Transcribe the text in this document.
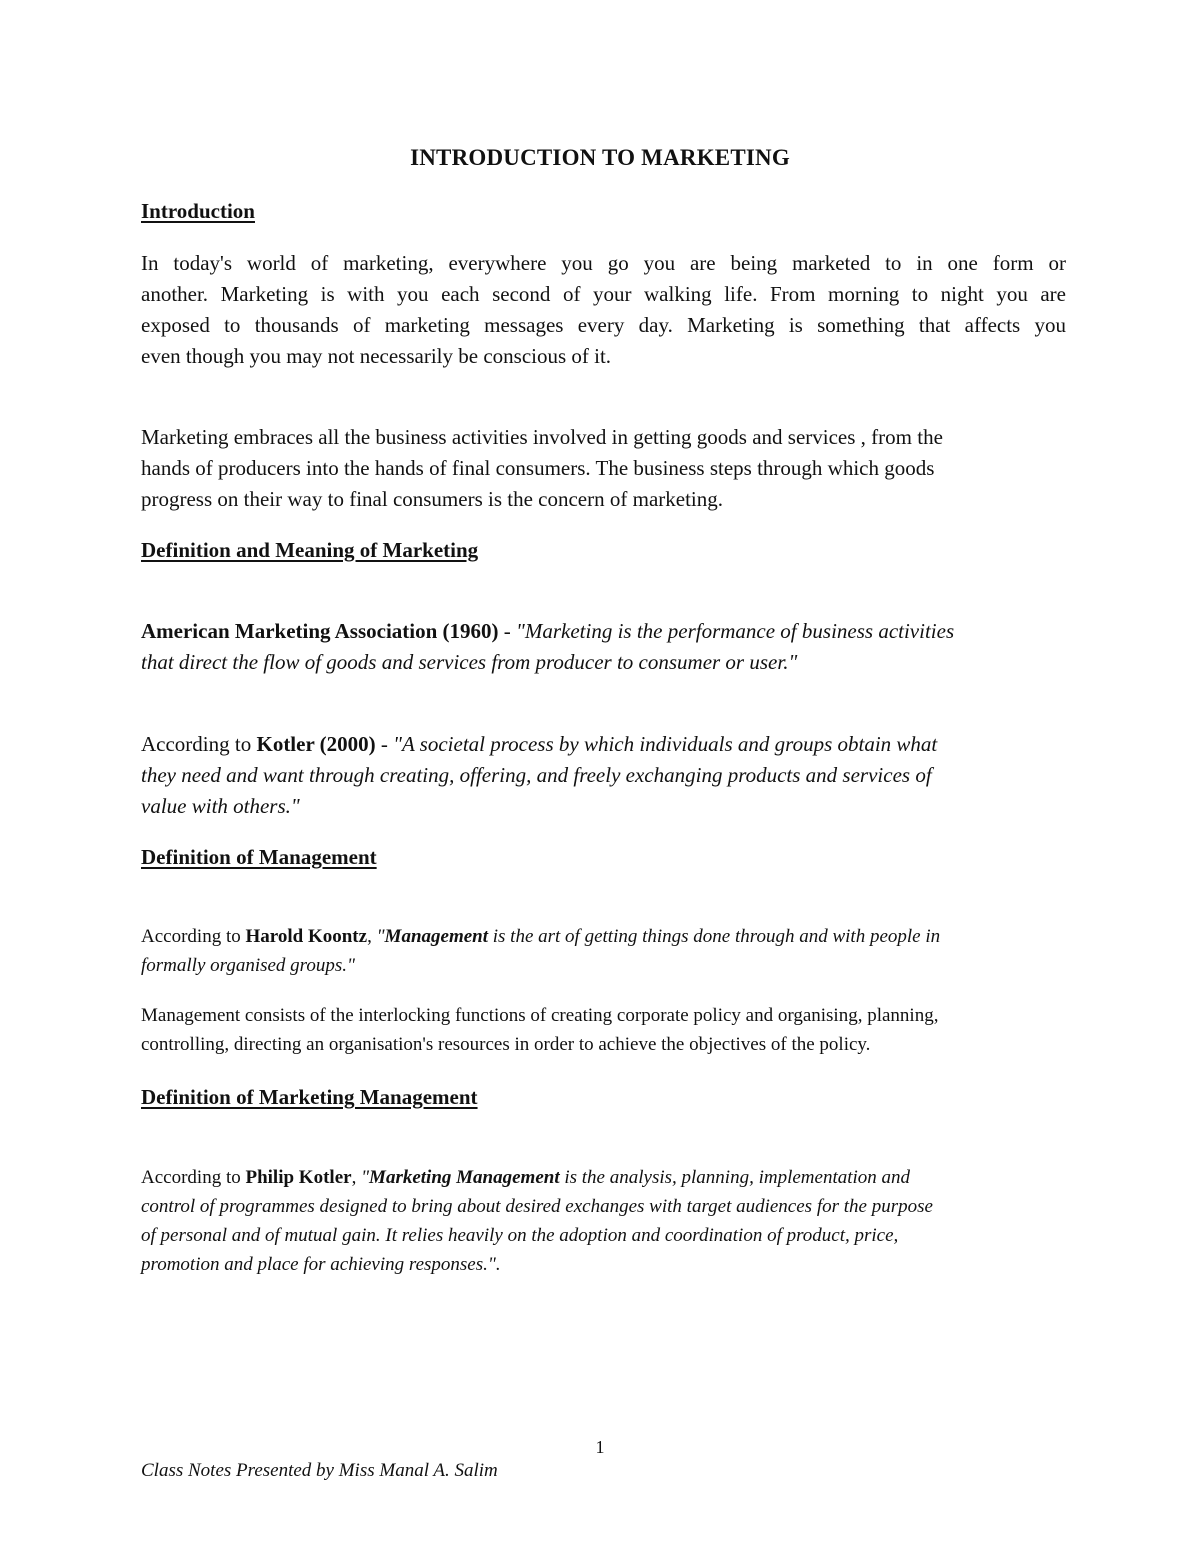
INTRODUCTION TO MARKETING
Introduction
In today's world of marketing, everywhere you go you are being marketed to in one form or
another. Marketing is with you each second of your walking life. From morning to night you are
exposed to thousands of marketing messages every day. Marketing is something that affects you
even though you may not necessarily be conscious of it.
Marketing embraces all the business activities involved in getting goods and services , from the
hands of producers into the hands of final consumers. The business steps through which goods
progress on their way to final consumers is the concern of marketing.
Definition and Meaning of Marketing
American Marketing Association (1960) - "Marketing is the performance of business activities
that direct the flow of goods and services from producer to consumer or user."
According to Kotler (2000) - "A societal process by which individuals and groups obtain what
they need and want through creating, offering, and freely exchanging products and services of
value with others."
Definition of Management
According to Harold Koontz, "Management is the art of getting things done through and with people in
formally organised groups."
Management consists of the interlocking functions of creating corporate policy and organising, planning,
controlling, directing an organisation's resources in order to achieve the objectives of the policy.
Definition of Marketing Management
According to Philip Kotler, "Marketing Management is the analysis, planning, implementation and
control of programmes designed to bring about desired exchanges with target audiences for the purpose
of personal and of mutual gain. It relies heavily on the adoption and coordination of product, price,
promotion and place for achieving responses.".
1
Class Notes Presented by Miss Manal A. Salim
